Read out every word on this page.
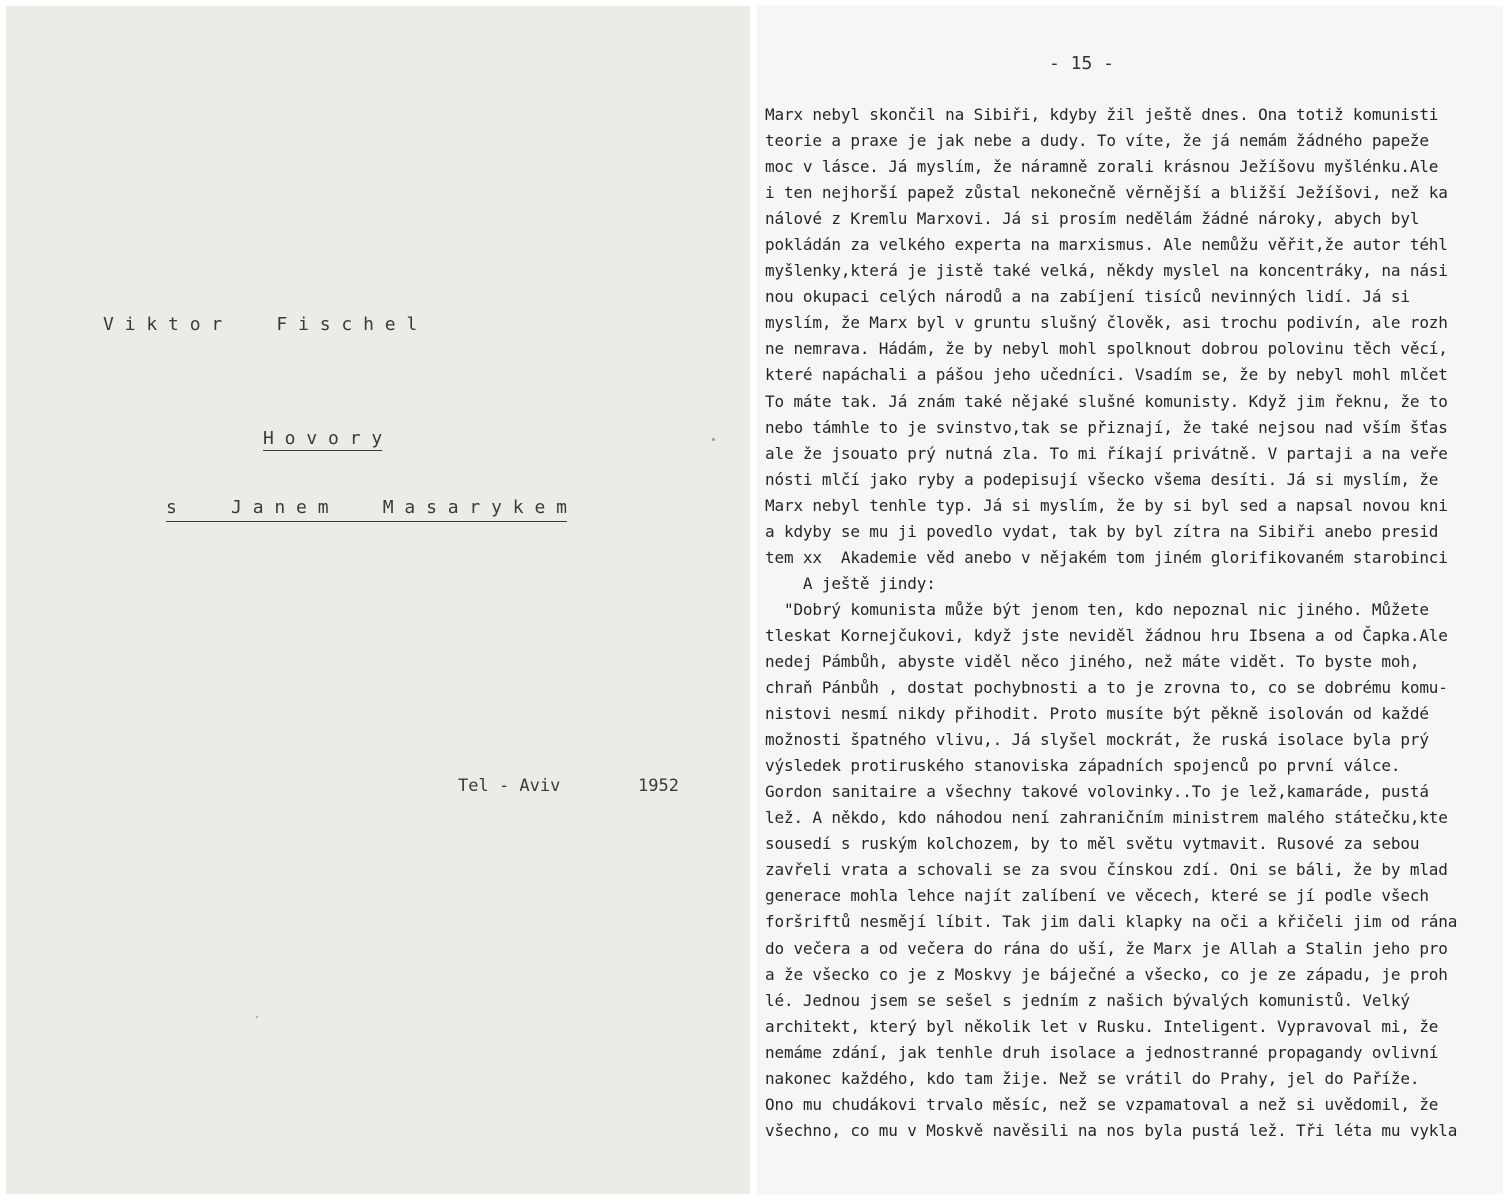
V i k t o r     F i s c h e l
H o v o r y
s     J a n e m     M a s a r y k e m
Tel - Aviv	1952
- 15 -
Marx nebyl skončil na Sibiři, kdyby žil ještě dnes. Ona totiž komunisti
teorie a praxe je jak nebe a dudy. To víte, že já nemám žádného papeže
moc v lásce. Já myslím, že náramně zorali krásnou Ježíšovu myšlénku.Ale
i ten nejhorší papež zůstal nekonečně věrnější a bližší Ježíšovi, než ka
nálové z Kremlu Marxovi. Já si prosím nedělám žádné nároky, abych byl
pokládán za velkého experta na marxismus. Ale nemůžu věřit,že autor téhl
myšlenky,která je jistě také velká, někdy myslel na koncentráky, na nási
nou okupaci celých národů a na zabíjení tisíců nevinných lidí. Já si
myslím, že Marx byl v gruntu slušný člověk, asi trochu podivín, ale rozh
ne nemrava. Hádám, že by nebyl mohl spolknout dobrou polovinu těch věcí,
které napáchali a pášou jeho učedníci. Vsadím se, že by nebyl mohl mlčet
To máte tak. Já znám také nějaké slušné komunisty. Když jim řeknu, že to
nebo támhle to je svinstvo,tak se přiznají, že také nejsou nad vším šťas
ale že jsouato prý nutná zla. To mi říkají privátně. V partaji a na veře
nósti mlčí jako ryby a podepisují všecko všema desíti. Já si myslím, že
Marx nebyl tenhle typ. Já si myslím, že by si byl sed a napsal novou kni
a kdyby se mu ji povedlo vydat, tak by byl zítra na Sibiři anebo presid
tem xx  Akademie věd anebo v nějakém tom jiném glorifikovaném starobinci
A ještě jindy:
"Dobrý komunista může být jenom ten, kdo nepoznal nic jiného. Můžete
tleskat Kornejčukovi, když jste neviděl žádnou hru Ibsena a od Čapka.Ale
nedej Pámbůh, abyste viděl něco jiného, než máte vidět. To byste moh,
chraň Pánbůh , dostat pochybnosti a to je zrovna to, co se dobrému komu-
nistovi nesmí nikdy přihodit. Proto musíte být pěkně isolován od každé
možnosti špatného vlivu,. Já slyšel mockrát, že ruská isolace byla prý
výsledek protiruského stanoviska západních spojenců po první válce.
Gordon sanitaire a všechny takové volovinky..To je lež,kamaráde, pustá
lež. A někdo, kdo náhodou není zahraničním ministrem malého státečku,kte
sousedí s ruským kolchozem, by to měl světu vytmavit. Rusové za sebou
zavřeli vrata a schovali se za svou čínskou zdí. Oni se báli, že by mlad
generace mohla lehce najít zalíbení ve věcech, které se jí podle všech
foršriftů nesmějí líbit. Tak jim dali klapky na oči a křičeli jim od rána
do večera a od večera do rána do uší, že Marx je Allah a Stalin jeho pro
a že všecko co je z Moskvy je báječné a všecko, co je ze západu, je proh
lé. Jednou jsem se sešel s jedním z našich bývalých komunistů. Velký
architekt, který byl několik let v Rusku. Inteligent. Vypravoval mi, že
nemáme zdání, jak tenhle druh isolace a jednostranné propagandy ovlivní
nakonec každého, kdo tam žije. Než se vrátil do Prahy, jel do Paříže.
Ono mu chudákovi trvalo měsíc, než se vzpamatoval a než si uvědomil, že
všechno, co mu v Moskvě navěsili na nos byla pustá lež. Tři léta mu vykla
